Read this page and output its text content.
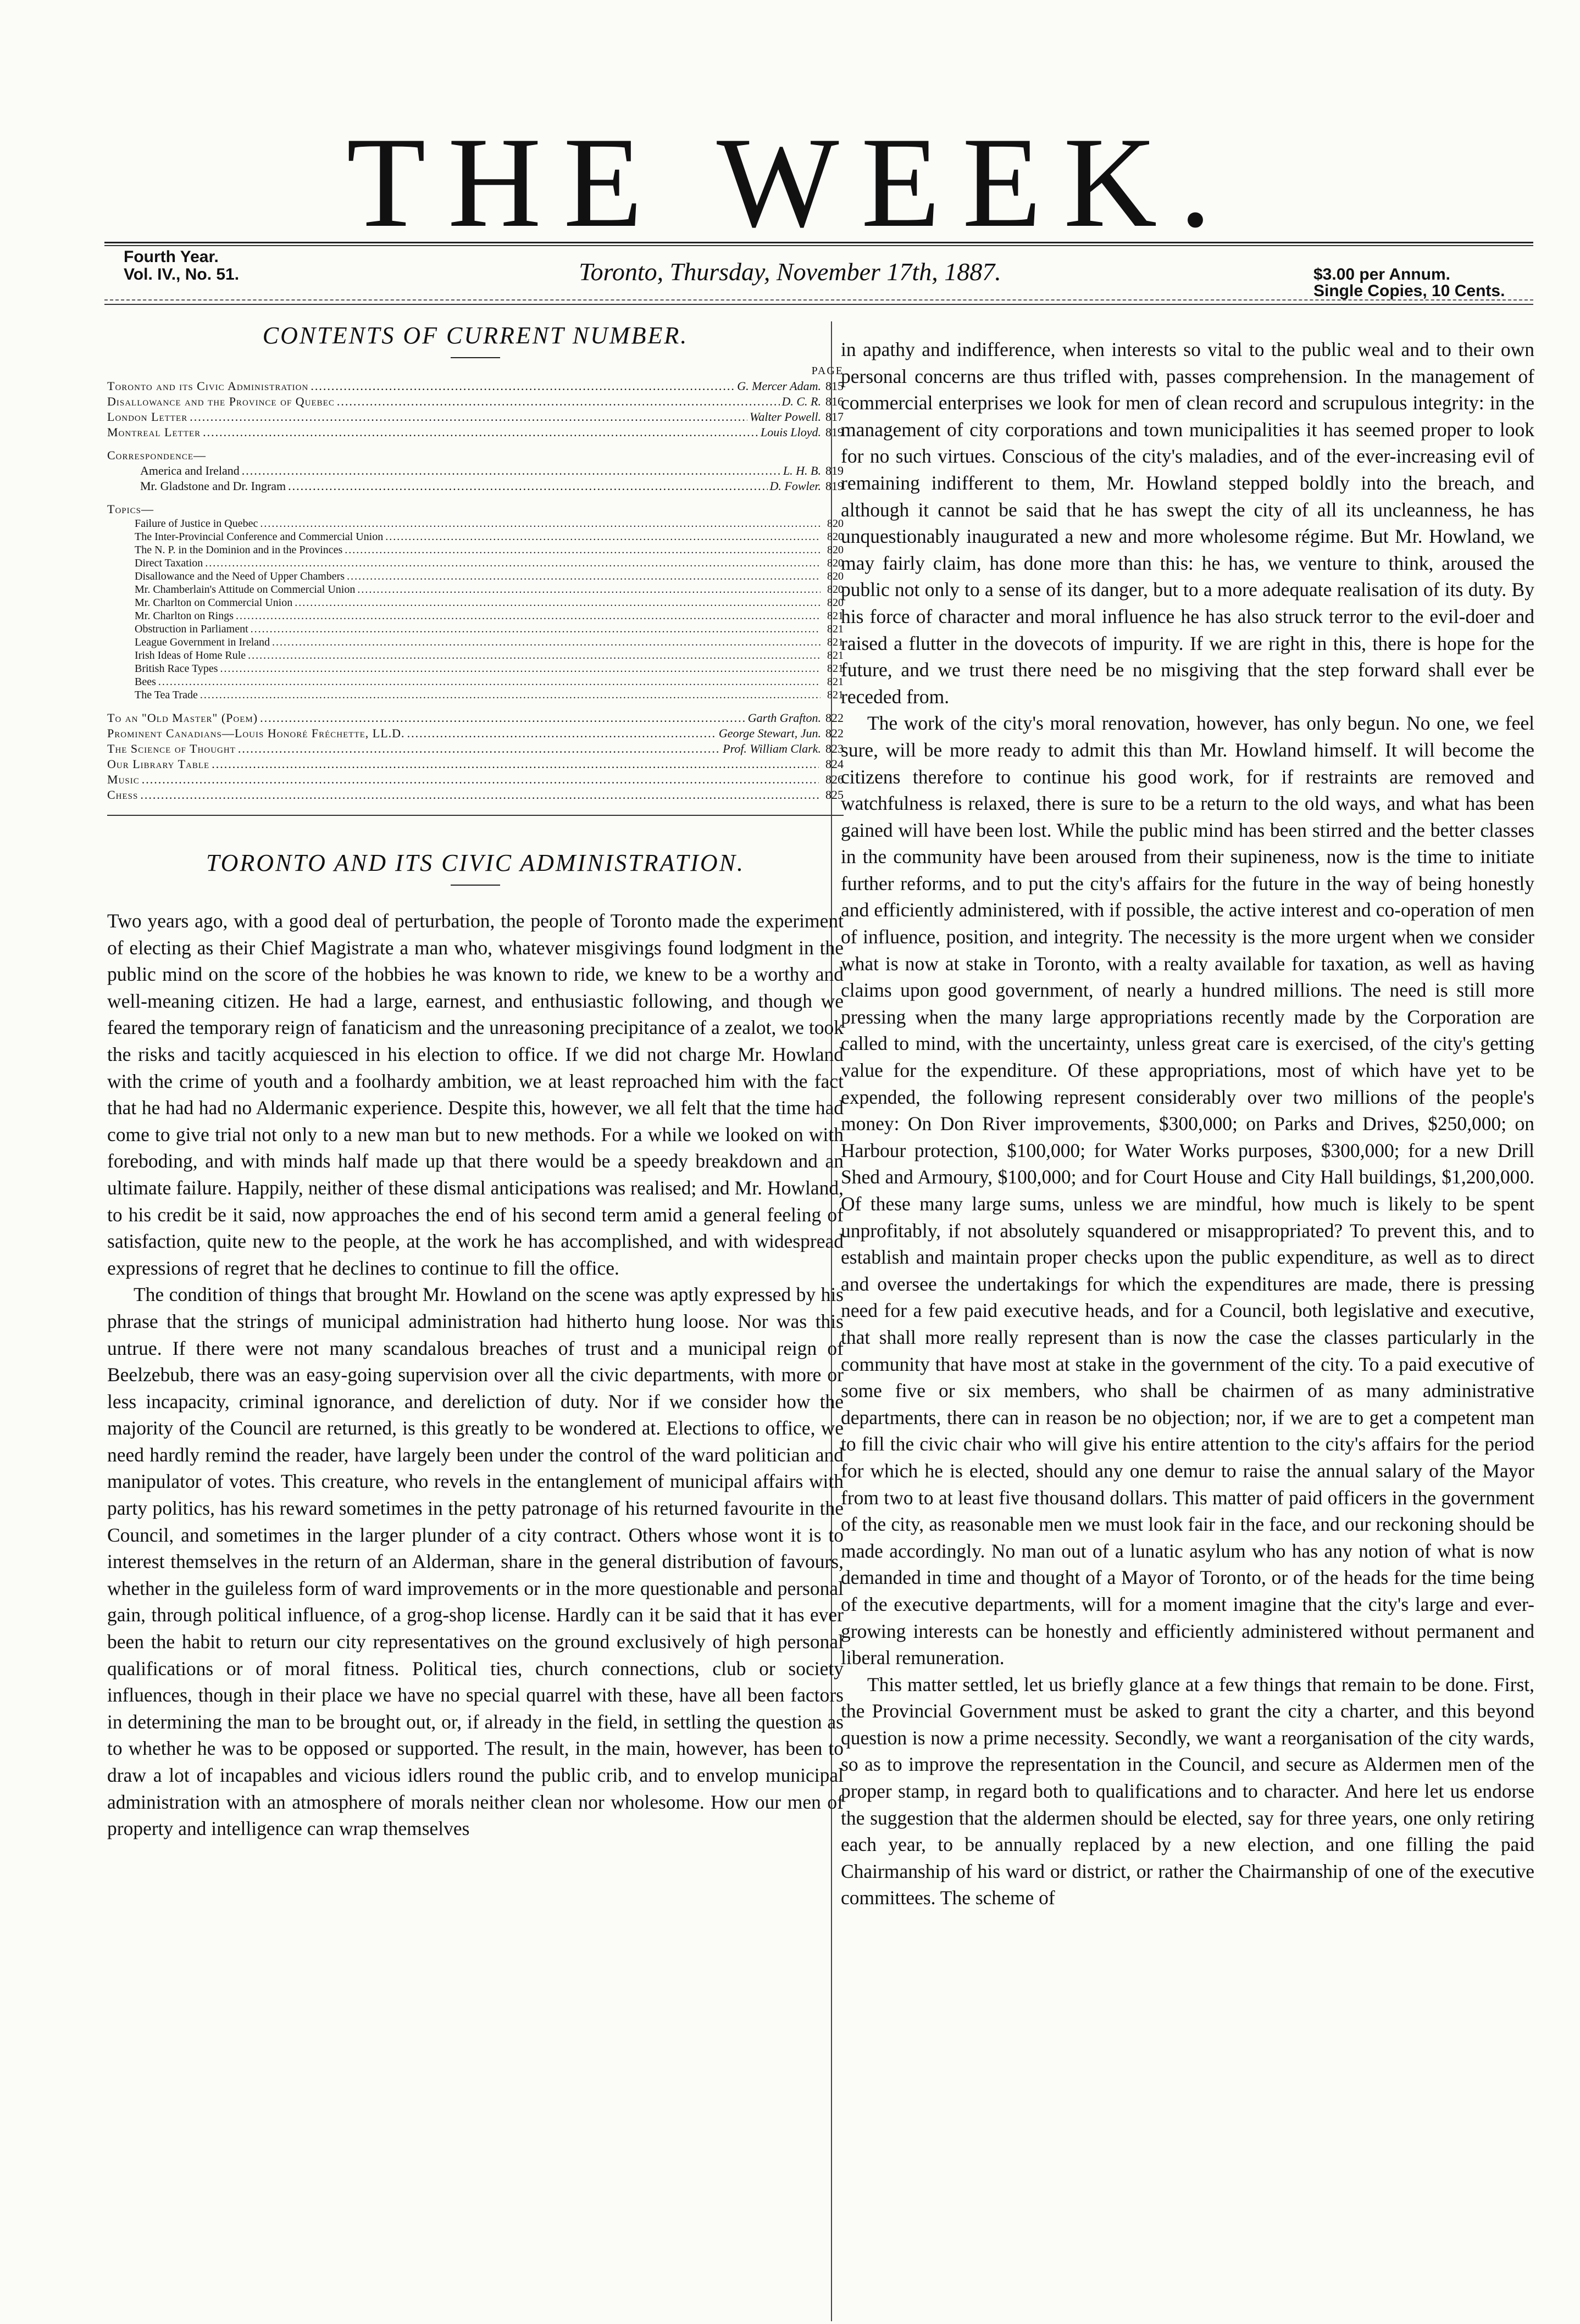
THE WEEK.
Fourth Year.
Vol. IV., No. 51.	Toronto, Thursday, November 17th, 1887.	$3.00 per Annum.
Single Copies, 10 Cents.
CONTENTS OF CURRENT NUMBER.
PAGE
Toronto and its Civic Administration .....	G. Mercer Adam. 815
Disallowance and the Province of Quebec .....	D. C. R. 816
London Letter .....	Walter Powell. 817
Montreal Letter .....	Louis Lloyd. 819
Correspondence—
America and Ireland .....	L. H. B. 819
Mr. Gladstone and Dr. Ingram .....	D. Fowler. 819
Topics—
Failure of Justice in Quebec .....	820
The Inter-Provincial Conference and Commercial Union .....	820
The N. P. in the Dominion and in the Provinces .....	820
Direct Taxation .....	820
Disallowance and the Need of Upper Chambers .....	820
Mr. Chamberlain's Attitude on Commercial Union .....	820
Mr. Charlton on Commercial Union .....	820
Mr. Charlton on Rings .....	821
Obstruction in Parliament .....	821
League Government in Ireland .....	821
Irish Ideas of Home Rule .....	821
British Race Types .....	821
Bees .....	821
The Tea Trade .....	821
To an "Old Master" (Poem) .....	Garth Grafton. 822
Prominent Canadians—Louis Honoré Fréchette, LL.D. .....	George Stewart, Jun. 822
The Science of Thought .....	Prof. William Clark. 823
Our Library Table .....	824
Music .....	826
Chess .....	825
TORONTO AND ITS CIVIC ADMINISTRATION.

Two years ago, with a good deal of perturbation, the people of Toronto made the experiment of electing as their Chief Magistrate a man who, whatever misgivings found lodgment in the public mind on the score of the hobbies he was known to ride, we knew to be a worthy and well-meaning citizen. He had a large, earnest, and enthusiastic following, and though we feared the temporary reign of fanaticism and the unreasoning precipitance of a zealot, we took the risks and tacitly acquiesced in his election to office. If we did not charge Mr. Howland with the crime of youth and a foolhardy ambition, we at least reproached him with the fact that he had had no Aldermanic experience. Despite this, however, we all felt that the time had come to give trial not only to a new man but to new methods. For a while we looked on with foreboding, and with minds half made up that there would be a speedy breakdown and an ultimate failure. Happily, neither of these dismal anticipations was realised; and Mr. Howland, to his credit be it said, now approaches the end of his second term amid a general feeling of satisfaction, quite new to the people, at the work he has accomplished, and with widespread expressions of regret that he declines to continue to fill the office.

The condition of things that brought Mr. Howland on the scene was aptly expressed by his phrase that the strings of municipal administration had hitherto hung loose. Nor was this untrue. If there were not many scandalous breaches of trust and a municipal reign of Beelzebub, there was an easy-going supervision over all the civic departments, with more or less incapacity, criminal ignorance, and dereliction of duty. Nor if we consider how the majority of the Council are returned, is this greatly to be wondered at. Elections to office, we need hardly remind the reader, have largely been under the control of the ward politician and manipulator of votes. This creature, who revels in the entanglement of municipal affairs with party politics, has his reward sometimes in the petty patronage of his returned favourite in the Council, and sometimes in the larger plunder of a city contract. Others whose wont it is to interest themselves in the return of an Alderman, share in the general distribution of favours, whether in the guileless form of ward improvements or in the more questionable and personal gain, through political influence, of a grog-shop license. Hardly can it be said that it has ever been the habit to return our city representatives on the ground exclusively of high personal qualifications or of moral fitness. Political ties, church connections, club or society influences, though in their place we have no special quarrel with these, have all been factors in determining the man to be brought out, or, if already in the field, in settling the question as to whether he was to be opposed or supported. The result, in the main, however, has been to draw a lot of incapables and vicious idlers round the public crib, and to envelop municipal administration with an atmosphere of morals neither clean nor wholesome. How our men of property and intelligence can wrap themselves

in apathy and indifference, when interests so vital to the public weal and to their own personal concerns are thus trifled with, passes comprehension. In the management of commercial enterprises we look for men of clean record and scrupulous integrity: in the management of city corporations and town municipalities it has seemed proper to look for no such virtues. Conscious of the city's maladies, and of the ever-increasing evil of remaining indifferent to them, Mr. Howland stepped boldly into the breach, and although it cannot be said that he has swept the city of all its uncleanness, he has unquestionably inaugurated a new and more wholesome régime. But Mr. Howland, we may fairly claim, has done more than this: he has, we venture to think, aroused the public not only to a sense of its danger, but to a more adequate realisation of its duty. By his force of character and moral influence he has also struck terror to the evil-doer and raised a flutter in the dovecots of impurity. If we are right in this, there is hope for the future, and we trust there need be no misgiving that the step forward shall ever be receded from.

The work of the city's moral renovation, however, has only begun. No one, we feel sure, will be more ready to admit this than Mr. Howland himself. It will become the citizens therefore to continue his good work, for if restraints are removed and watchfulness is relaxed, there is sure to be a return to the old ways, and what has been gained will have been lost. While the public mind has been stirred and the better classes in the community have been aroused from their supineness, now is the time to initiate further reforms, and to put the city's affairs for the future in the way of being honestly and efficiently administered, with if possible, the active interest and co-operation of men of influence, position, and integrity. The necessity is the more urgent when we consider what is now at stake in Toronto, with a realty available for taxation, as well as having claims upon good government, of nearly a hundred millions. The need is still more pressing when the many large appropriations recently made by the Corporation are called to mind, with the uncertainty, unless great care is exercised, of the city's getting value for the expenditure. Of these appropriations, most of which have yet to be expended, the following represent considerably over two millions of the people's money: On Don River improvements, $300,000; on Parks and Drives, $250,000; on Harbour protection, $100,000; for Water Works purposes, $300,000; for a new Drill Shed and Armoury, $100,000; and for Court House and City Hall buildings, $1,200,000. Of these many large sums, unless we are mindful, how much is likely to be spent unprofitably, if not absolutely squandered or misappropriated? To prevent this, and to establish and maintain proper checks upon the public expenditure, as well as to direct and oversee the undertakings for which the expenditures are made, there is pressing need for a few paid executive heads, and for a Council, both legislative and executive, that shall more really represent than is now the case the classes particularly in the community that have most at stake in the government of the city. To a paid executive of some five or six members, who shall be chairmen of as many administrative departments, there can in reason be no objection; nor, if we are to get a competent man to fill the civic chair who will give his entire attention to the city's affairs for the period for which he is elected, should any one demur to raise the annual salary of the Mayor from two to at least five thousand dollars. This matter of paid officers in the government of the city, as reasonable men we must look fair in the face, and our reckoning should be made accordingly. No man out of a lunatic asylum who has any notion of what is now demanded in time and thought of a Mayor of Toronto, or of the heads for the time being of the executive departments, will for a moment imagine that the city's large and ever-growing interests can be honestly and efficiently administered without permanent and liberal remuneration.

This matter settled, let us briefly glance at a few things that remain to be done. First, the Provincial Government must be asked to grant the city a charter, and this beyond question is now a prime necessity. Secondly, we want a reorganisation of the city wards, so as to improve the representation in the Council, and secure as Aldermen men of the proper stamp, in regard both to qualifications and to character. And here let us endorse the suggestion that the aldermen should be elected, say for three years, one only retiring each year, to be annually replaced by a new election, and one filling the paid Chairmanship of his ward or district, or rather the Chairmanship of one of the executive committees. The scheme of
